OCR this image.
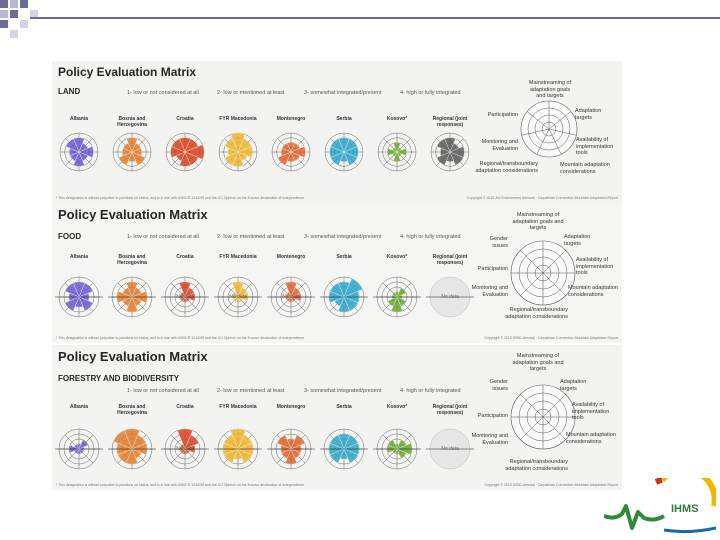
Policy Evaluation Matrix
LAND	1- low or not considered at all	2- low or mentioned at least	3- somewhat integrated/present	4- high or fully integrated
Albania	Bosnia and Herzegovina
Croatia	FYR Macedonia	Montenegro	Serbia	Kosovo*	Regional (joint responses)
Mainstreaming of adaptation goals and targets
Adaptation targets
Availability of implementation tools
Mountain adaptation considerations
Regional/transboundary adaptation considerations
Monitoring and Evaluation
Participation
* This designation is without prejudice to positions on status, and is in line with UNSCR 1244/99 and the ICJ Opinion on the Kosovo declaration of independence.	Copyright © 2015 Zoï Environment Network · Carpathian Convention Mountain Adaptation Report
Policy Evaluation Matrix
FOOD	1- low or not considered at all	2- low or mentioned at least	3- somewhat integrated/present	4- high or fully integrated
Albania	Bosnia and Herzegovina
Croatia
No data
FYR Macedonia
No data
Montenegro
No data
Serbia	Kosovo*	Regional (joint responses)
No data
Mainstreaming of adaptation goals and targets
Adaptation targets
Availability of implementation tools
Mountain adaptation considerations
Regional/transboundary adaptation considerations
Monitoring and Evaluation
Participation
Gender issues
* This designation is without prejudice to positions on status, and is in line with UNSCR 1244/99 and the ICJ Opinion on the Kosovo declaration of independence.	Copyright © 2015 GRID-Arendal · Carpathian Convention Mountain Adaptation Report
Policy Evaluation Matrix
FORESTRY AND BIODIVERSITY
1- low or not considered at all	2- low or mentioned at least	3- somewhat integrated/present	4- high or fully integrated
Albania	Bosnia and Herzegovina
Croatia
No data
FYR Macedonia	Montenegro	Serbia	Kosovo*	Regional (joint responses)
No data
Mainstreaming of adaptation goals and targets
Adaptation targets
Availability of implementation tools
Mountain adaptation considerations
Regional/transboundary adaptation considerations
Monitoring and Evaluation
Participation
Gender issues
* This designation is without prejudice to positions on status, and is in line with UNSCR 1244/99 and the ICJ Opinion on the Kosovo declaration of independence.	Copyright © 2015 GRID-Arendal · Carpathian Convention Mountain Adaptation Report
IHMS
